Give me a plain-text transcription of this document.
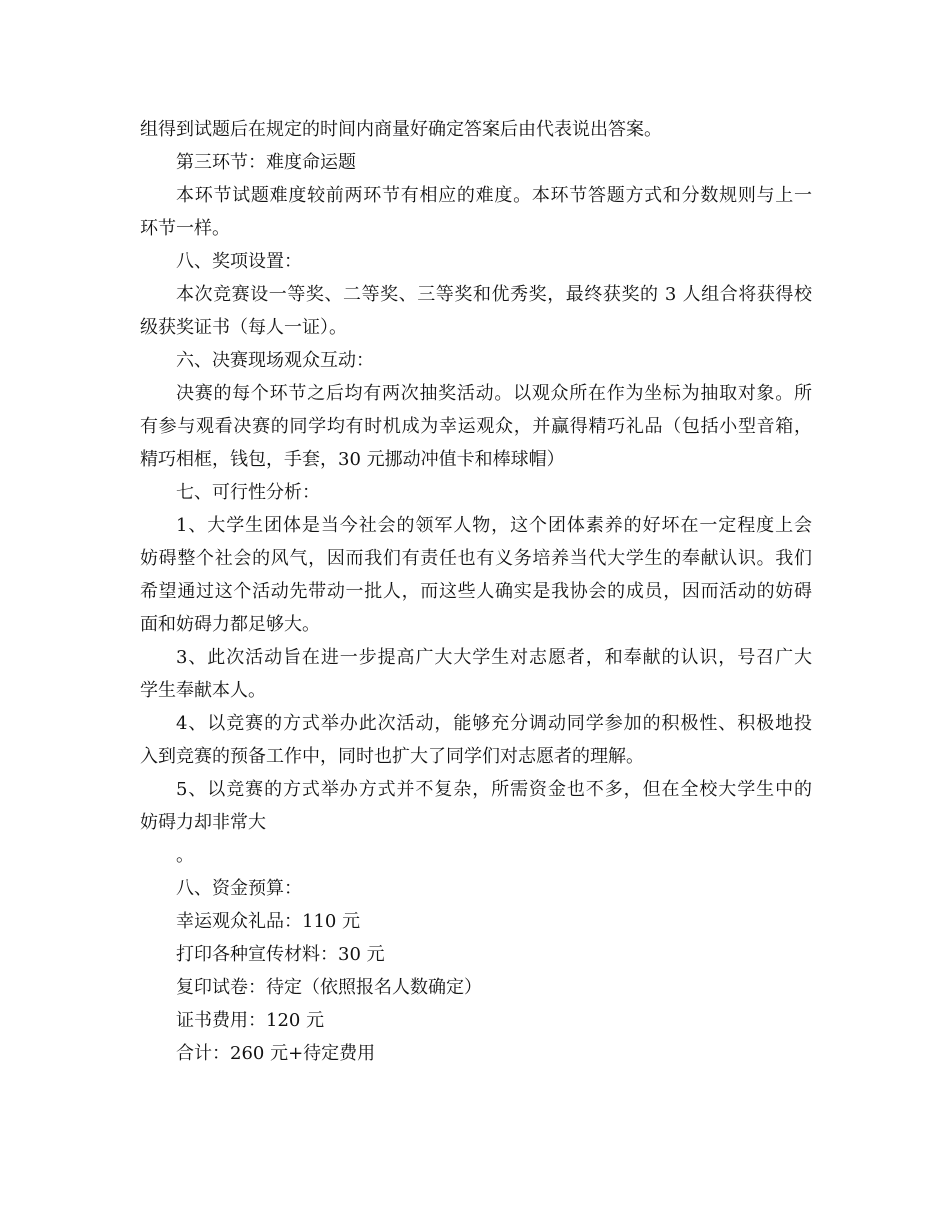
组得到试题后在规定的时间内商量好确定答案后由代表说出答案。
第三环节：难度命运题
本环节试题难度较前两环节有相应的难度。本环节答题方式和分数规则与上一
环节一样。
八、奖项设置：
本次竞赛设一等奖、二等奖、三等奖和优秀奖，最终获奖的 3 人组合将获得校
级获奖证书（每人一证）。
六、决赛现场观众互动：
决赛的每个环节之后均有两次抽奖活动。以观众所在作为坐标为抽取对象。所
有参与观看决赛的同学均有时机成为幸运观众，并赢得精巧礼品（包括小型音箱，
精巧相框，钱包，手套，30 元挪动冲值卡和棒球帽）
七、可行性分析：
1、大学生团体是当今社会的领军人物，这个团体素养的好坏在一定程度上会
妨碍整个社会的风气，因而我们有责任也有义务培养当代大学生的奉献认识。我们
希望通过这个活动先带动一批人，而这些人确实是我协会的成员，因而活动的妨碍
面和妨碍力都足够大。
3、此次活动旨在进一步提高广大大学生对志愿者，和奉献的认识，号召广大
学生奉献本人。
4、以竞赛的方式举办此次活动，能够充分调动同学参加的积极性、积极地投
入到竞赛的预备工作中，同时也扩大了同学们对志愿者的理解。
5、以竞赛的方式举办方式并不复杂，所需资金也不多，但在全校大学生中的
妨碍力却非常大
。
八、资金预算：
幸运观众礼品：110 元
打印各种宣传材料：30 元
复印试卷：待定（依照报名人数确定）
证书费用：120 元
合计：260 元+待定费用
